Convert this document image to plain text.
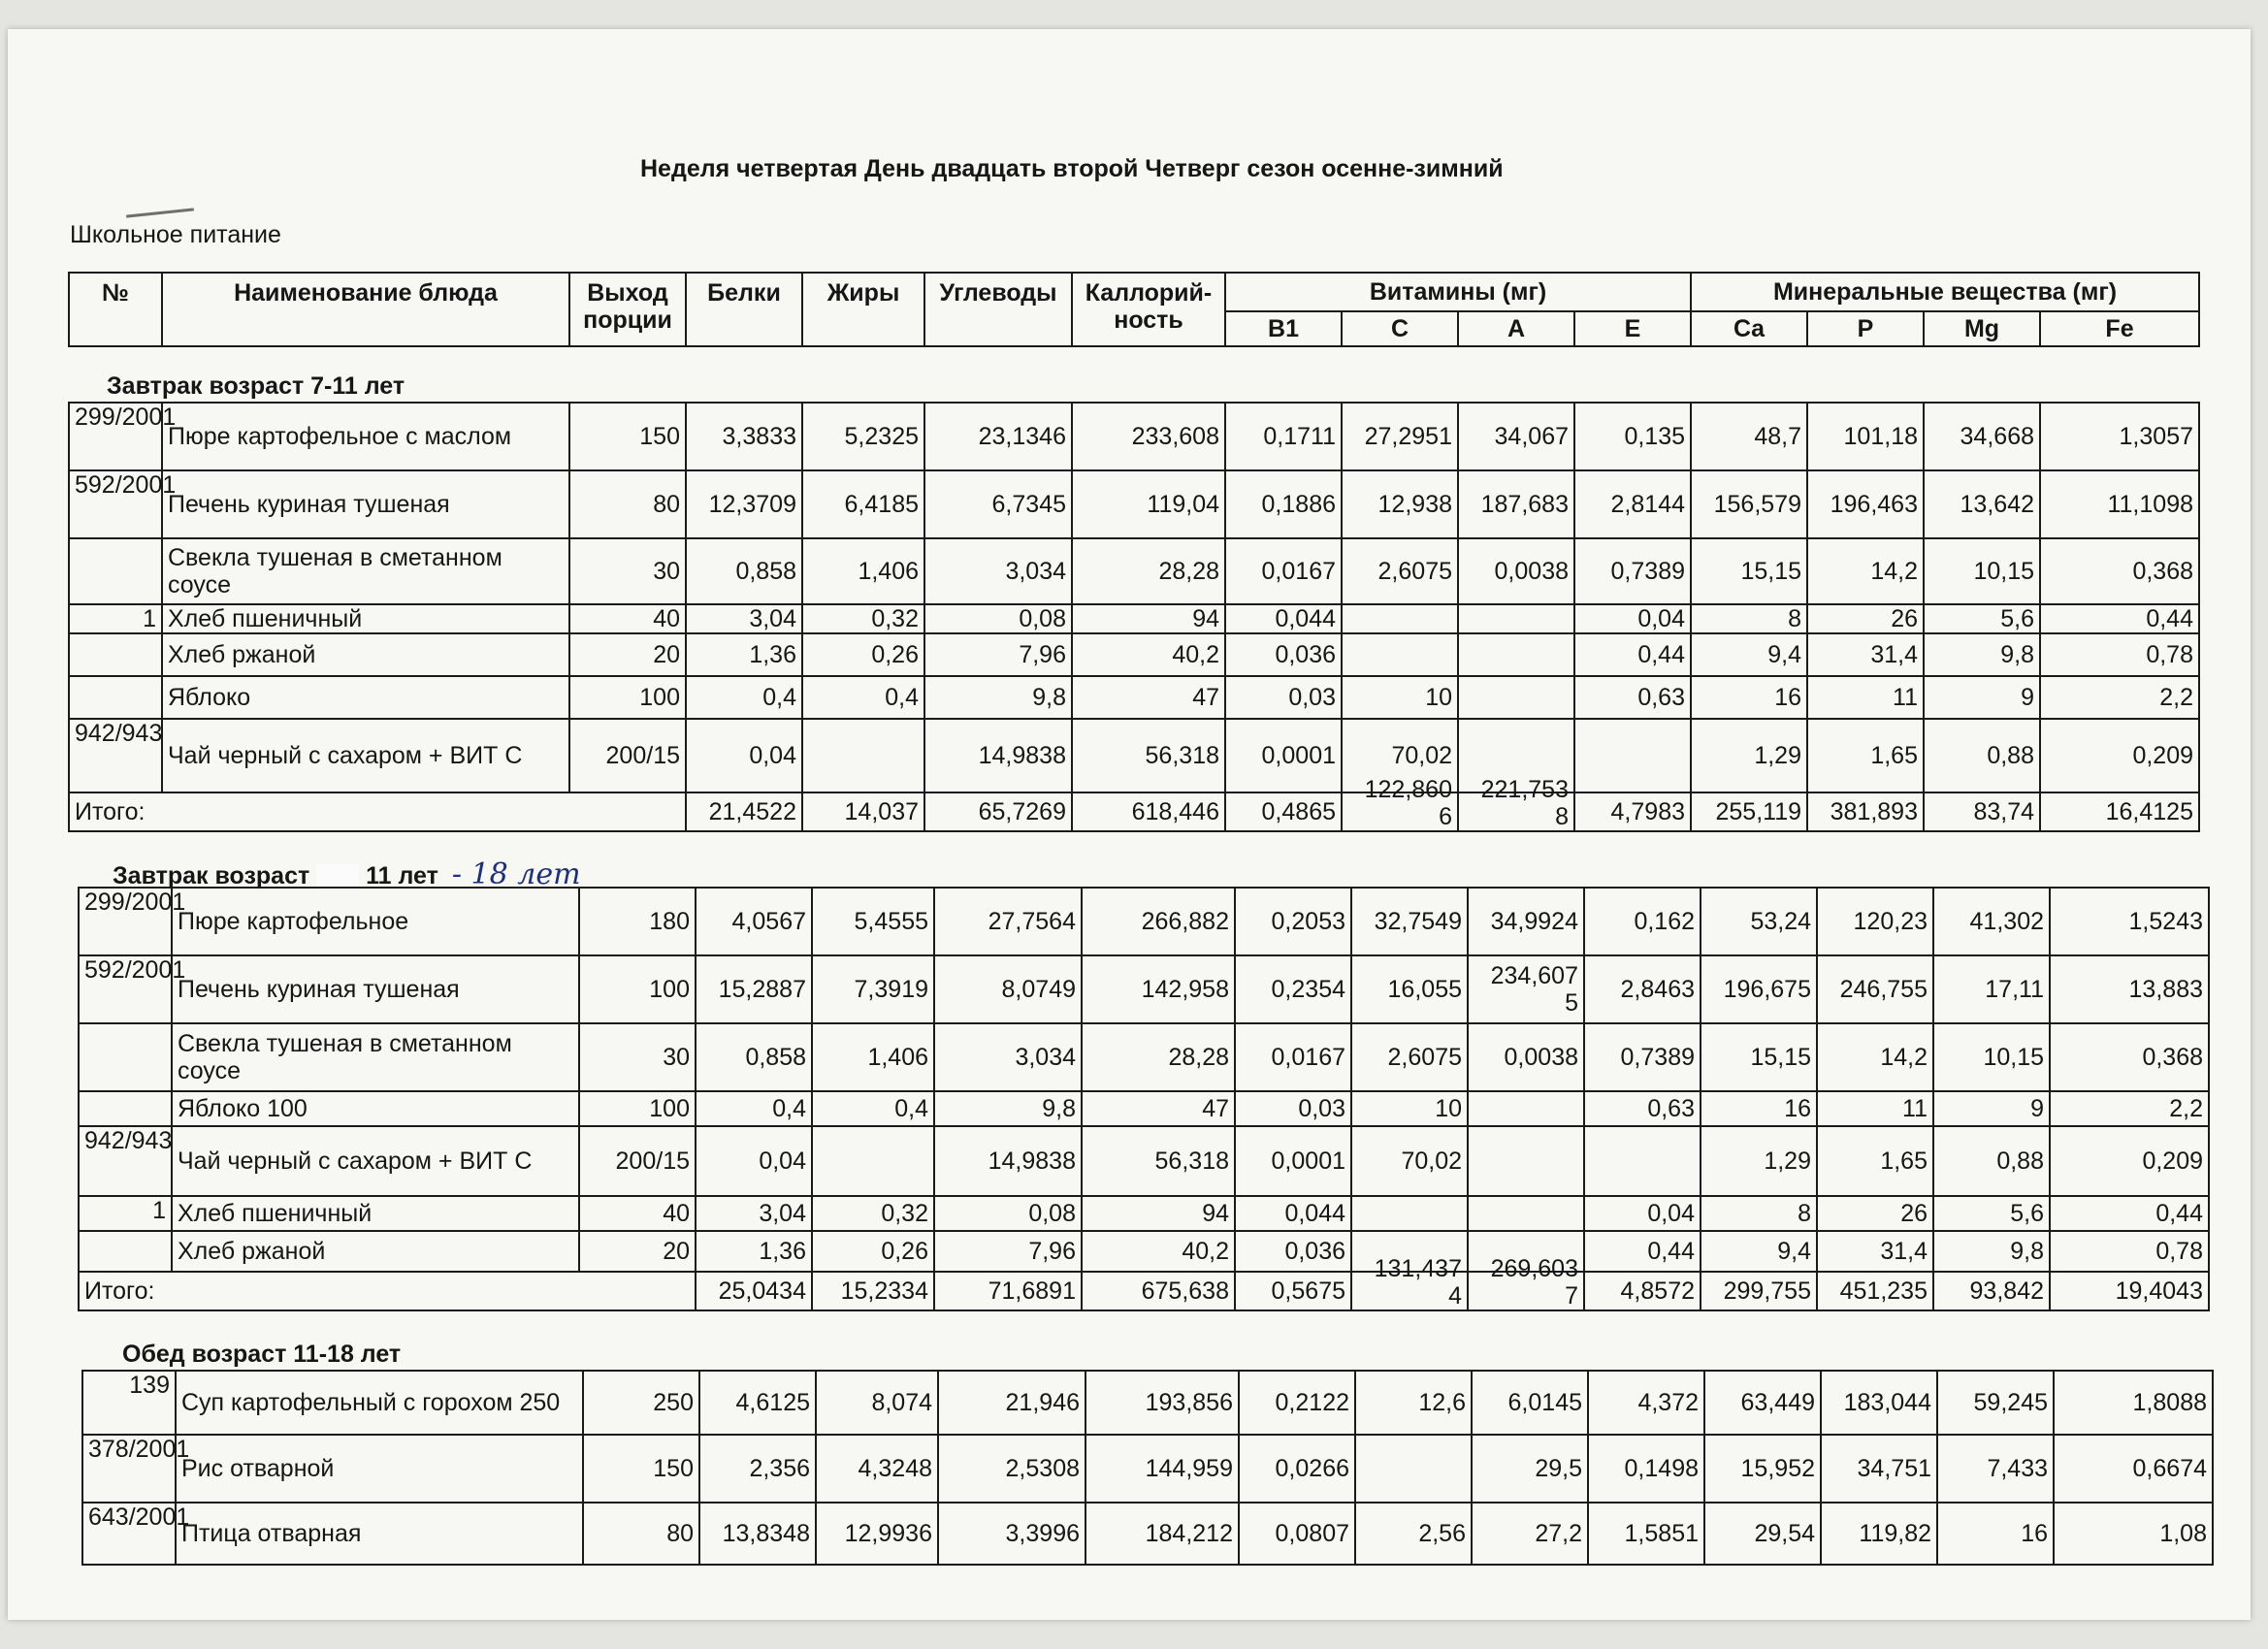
Неделя четвертая День двадцать второй Четверг сезон осенне-зимний
Школьное питание
№	Наименование блюда	Выход порции	Белки	Жиры	Углеводы	Каллорий-ность	Витамины (мг)				Минеральные вещества (мг)			
							B1	C	A	E	Ca	P	Mg	Fe
Завтрак возраст 7-11 лет
299/2001	Пюре картофельное с маслом	150	3,3833	5,2325	23,1346	233,608	0,1711	27,2951	34,067	0,135	48,7	101,18	34,668	1,3057
592/2001	Печень куриная тушеная	80	12,3709	6,4185	6,7345	119,04	0,1886	12,938	187,683	2,8144	156,579	196,463	13,642	11,1098
	Свекла тушеная в сметанном соусе	30	0,858	1,406	3,034	28,28	0,0167	2,6075	0,0038	0,7389	15,15	14,2	10,15	0,368
1	Хлеб пшеничный	40	3,04	0,32	0,08	94	0,044			0,04	8	26	5,6	0,44
	Хлеб ржаной	20	1,36	0,26	7,96	40,2	0,036			0,44	9,4	31,4	9,8	0,78
	Яблоко	100	0,4	0,4	9,8	47	0,03	10		0,63	16	11	9	2,2
942/943	Чай черный с сахаром + ВИТ С	200/15	0,04		14,9838	56,318	0,0001	70,02			1,29	1,65	0,88	0,209
Итого:			21,4522	14,037	65,7269	618,446	0,4865	122,860 6	221,753 8	4,7983	255,119	381,893	83,74	16,4125
Завтрак возраст 11 лет - 18 лет
299/2001	Пюре картофельное	180	4,0567	5,4555	27,7564	266,882	0,2053	32,7549	34,9924	0,162	53,24	120,23	41,302	1,5243
592/2001	Печень куриная тушеная	100	15,2887	7,3919	8,0749	142,958	0,2354	16,055	234,607 5	2,8463	196,675	246,755	17,11	13,883
	Свекла тушеная в сметанном соусе	30	0,858	1,406	3,034	28,28	0,0167	2,6075	0,0038	0,7389	15,15	14,2	10,15	0,368
	Яблоко 100	100	0,4	0,4	9,8	47	0,03	10		0,63	16	11	9	2,2
942/943	Чай черный с сахаром + ВИТ С	200/15	0,04		14,9838	56,318	0,0001	70,02			1,29	1,65	0,88	0,209
1	Хлеб пшеничный	40	3,04	0,32	0,08	94	0,044			0,04	8	26	5,6	0,44
	Хлеб ржаной	20	1,36	0,26	7,96	40,2	0,036			0,44	9,4	31,4	9,8	0,78
Итого:			25,0434	15,2334	71,6891	675,638	0,5675	131,437 4	269,603 7	4,8572	299,755	451,235	93,842	19,4043
Обед возраст 11-18 лет
139	Суп картофельный с горохом 250	250	4,6125	8,074	21,946	193,856	0,2122	12,6	6,0145	4,372	63,449	183,044	59,245	1,8088
378/2001	Рис отварной	150	2,356	4,3248	2,5308	144,959	0,0266		29,5	0,1498	15,952	34,751	7,433	0,6674
643/2001	Птица отварная	80	13,8348	12,9936	3,3996	184,212	0,0807	2,56	27,2	1,5851	29,54	119,82	16	1,08
